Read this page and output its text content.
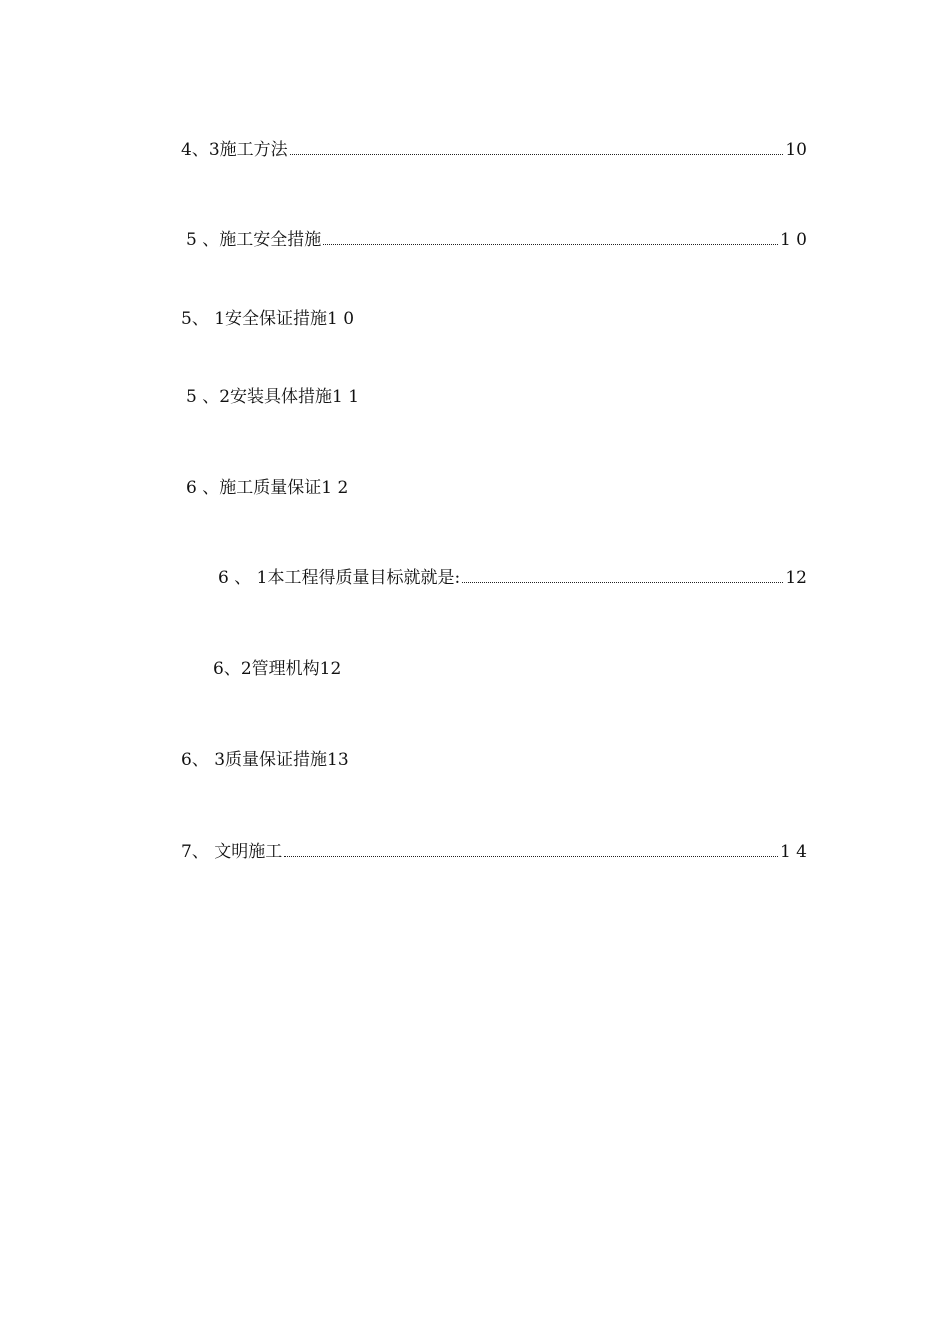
4、3施工方法	10
5 、施工安全措施	1 0
5、 1安全保证措施1 0
5 、2安装具体措施1 1
6 、施工质量保证1 2
6 、 1本工程得质量目标就就是:	12
6、2管理机构12
6、 3质量保证措施13
7、 文明施工	1 4
